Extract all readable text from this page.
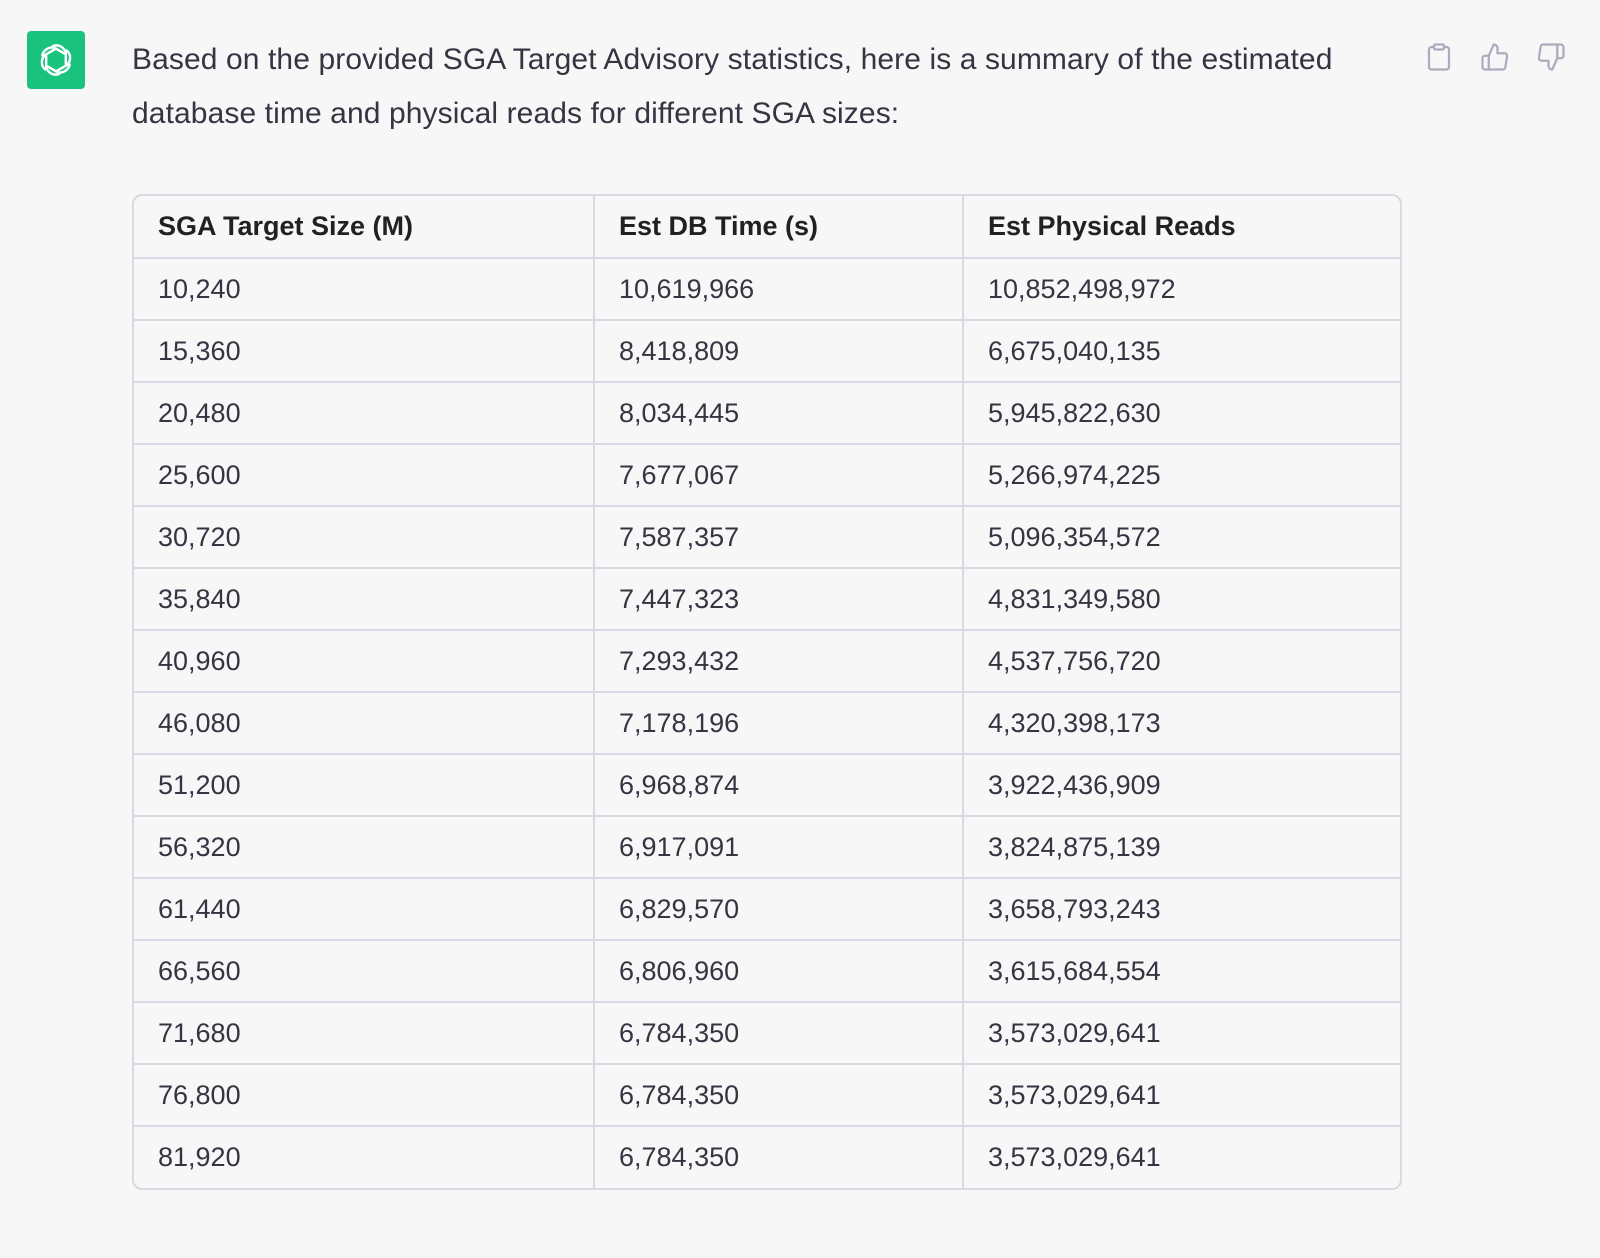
Based on the provided SGA Target Advisory statistics, here is a summary of the estimated database time and physical reads for different SGA sizes:
SGA Target Size (M)	Est DB Time (s)	Est Physical Reads
10,240	10,619,966	10,852,498,972
15,360	8,418,809	6,675,040,135
20,480	8,034,445	5,945,822,630
25,600	7,677,067	5,266,974,225
30,720	7,587,357	5,096,354,572
35,840	7,447,323	4,831,349,580
40,960	7,293,432	4,537,756,720
46,080	7,178,196	4,320,398,173
51,200	6,968,874	3,922,436,909
56,320	6,917,091	3,824,875,139
61,440	6,829,570	3,658,793,243
66,560	6,806,960	3,615,684,554
71,680	6,784,350	3,573,029,641
76,800	6,784,350	3,573,029,641
81,920	6,784,350	3,573,029,641
